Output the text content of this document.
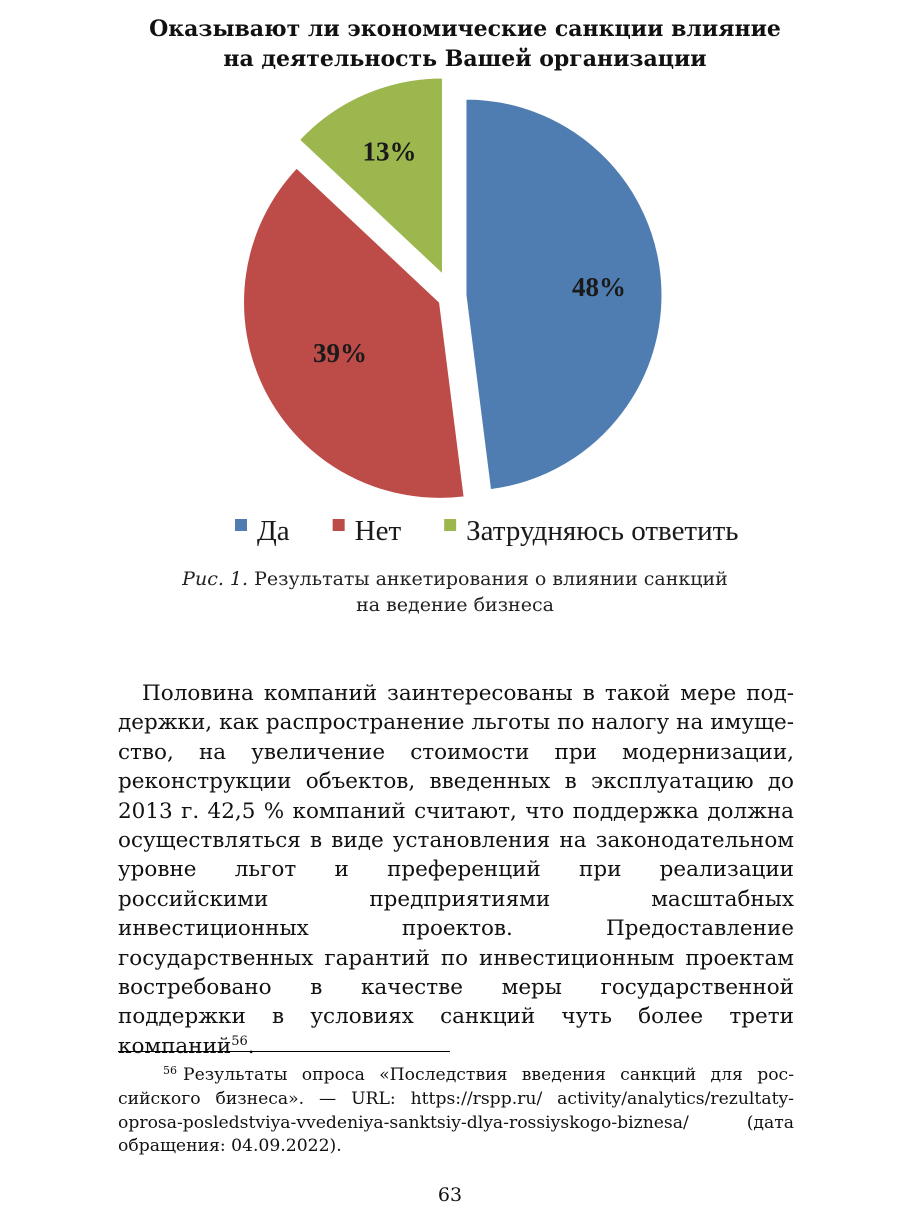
Оказывают ли экономические санкции влияние
на деятельность Вашей организации
48%
39%
13%
Да Нет Затрудняюсь ответить
Рис. 1. Результаты анкетирования о влиянии санкций
на ведение бизнеса
Половина компаний заинтересованы в такой мере поддержки, как распространение льготы по налогу на имущество, на увеличение стоимости при модернизации, реконструкции объектов, введенных в эксплуатацию до 2013 г. 42,5 % компаний считают, что поддержка должна осуществляться в виде установления на законодательном уровне льгот и преференций при реализации российскими предприятиями масштабных инвестиционных проектов. Предоставление государственных гарантий по инвестиционным проектам востребовано в качестве меры государственной поддержки в условиях санкций чуть более трети компаний$^{56}$.
$^{56}$ Результаты опроса «Последствия введения санкций для российского бизнеса». — URL: https://rspp.ru/ activity/analytics/rezultaty-oprosa-posledstviya-vvedeniya-sanktsiy-dlya-rossiyskogo-biznesa/ (дата обращения: 04.09.2022).
63
